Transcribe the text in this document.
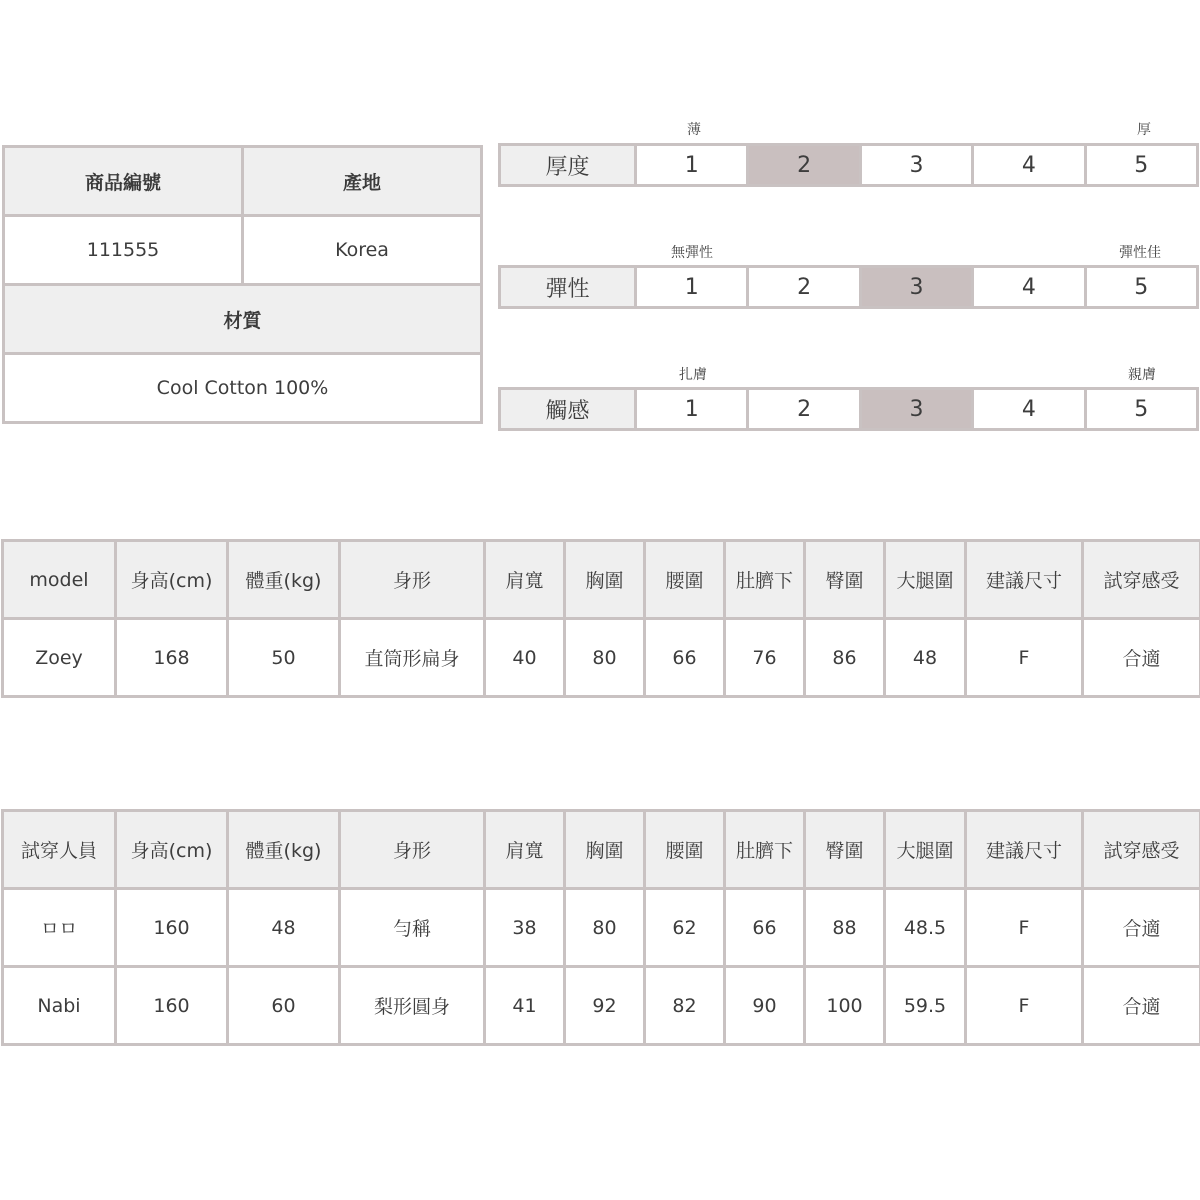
商品編號	產地
111555	Korea
材質	
Cool Cotton 100%	
薄	厚
厚度	1	2	3	4	5
無彈性	彈性佳
彈性	1	2	3	4	5
扎膚	親膚
觸感	1	2	3	4	5
model	身高(cm)	體重(kg)	身形	肩寬	胸圍	腰圍	肚臍下	臀圍	大腿圍	建議尺寸	試穿感受
Zoey	168	50	直筒形扁身	40	80	66	76	86	48	F	合適
試穿人員	身高(cm)	體重(kg)	身形	肩寬	胸圍	腰圍	肚臍下	臀圍	大腿圍	建議尺寸	試穿感受
ㅁㅁ	160	48	勻稱	38	80	62	66	88	48.5	F	合適
Nabi	160	60	梨形圓身	41	92	82	90	100	59.5	F	合適
